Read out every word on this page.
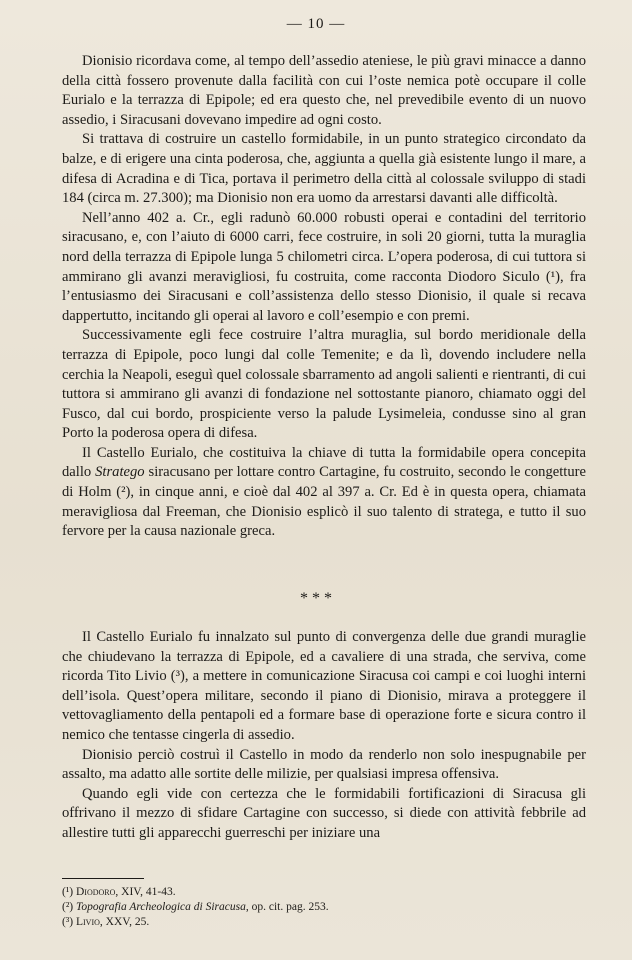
— 10 —

Dionisio ricordava come, al tempo dell’assedio ateniese, le più gravi minacce a danno della città fossero provenute dalla facilità con cui l’oste nemica potè occupare il colle Eurialo e la terrazza di Epipole; ed era questo che, nel prevedibile evento di un nuovo assedio, i Siracusani dovevano impedire ad ogni costo.

Si trattava di costruire un castello formidabile, in un punto strategico circondato da balze, e di erigere una cinta poderosa, che, aggiunta a quella già esistente lungo il mare, a difesa di Acradina e di Tica, portava il perimetro della città al colossale sviluppo di stadi 184 (circa m. 27.300); ma Dionisio non era uomo da arrestarsi davanti alle difficoltà.

Nell’anno 402 a. Cr., egli radunò 60.000 robusti operai e contadini del territorio siracusano, e, con l’aiuto di 6000 carri, fece costruire, in soli 20 giorni, tutta la muraglia nord della terrazza di Epipole lunga 5 chilometri circa. L’opera poderosa, di cui tuttora si ammirano gli avanzi meravigliosi, fu costruita, come racconta Diodoro Siculo (¹), fra l’entusiasmo dei Siracusani e coll’assistenza dello stesso Dionisio, il quale si recava dappertutto, incitando gli operai al lavoro e coll’esempio e con premi.

Successivamente egli fece costruire l’altra muraglia, sul bordo meridionale della terrazza di Epipole, poco lungi dal colle Temenite; e da lì, dovendo includere nella cerchia la Neapoli, eseguì quel colossale sbarramento ad angoli salienti e rientranti, di cui tuttora si ammirano gli avanzi di fondazione nel sottostante pianoro, chiamato oggi del Fusco, dal cui bordo, prospiciente verso la palude Lysimeleia, condusse sino al gran Porto la poderosa opera di difesa.

Il Castello Eurialo, che costituiva la chiave di tutta la formidabile opera concepita dallo Stratego siracusano per lottare contro Cartagine, fu costruito, secondo le congetture di Holm (²), in cinque anni, e cioè dal 402 al 397 a. Cr. Ed è in questa opera, chiamata meravigliosa dal Freeman, che Dionisio esplicò il suo talento di stratega, e tutto il suo fervore per la causa nazionale greca.

* * *

Il Castello Eurialo fu innalzato sul punto di convergenza delle due grandi muraglie che chiudevano la terrazza di Epipole, ed a cavaliere di una strada, che serviva, come ricorda Tito Livio (³), a mettere in comunicazione Siracusa coi campi e coi luoghi interni dell’isola. Quest’opera militare, secondo il piano di Dionisio, mirava a proteggere il vettovagliamento della pentapoli ed a formare base di operazione forte e sicura contro il nemico che tentasse cingerla di assedio.

Dionisio perciò costruì il Castello in modo da renderlo non solo inespugnabile per assalto, ma adatto alle sortite delle milizie, per qualsiasi impresa offensiva.

Quando egli vide con certezza che le formidabili fortificazioni di Siracusa gli offrivano il mezzo di sfidare Cartagine con successo, si diede con attività febbrile ad allestire tutti gli apparecchi guerreschi per iniziare una

(¹) Diodoro, XIV, 41-43.
(²) Topografia Archeologica di Siracusa, op. cit. pag. 253.
(³) Livio, XXV, 25.
